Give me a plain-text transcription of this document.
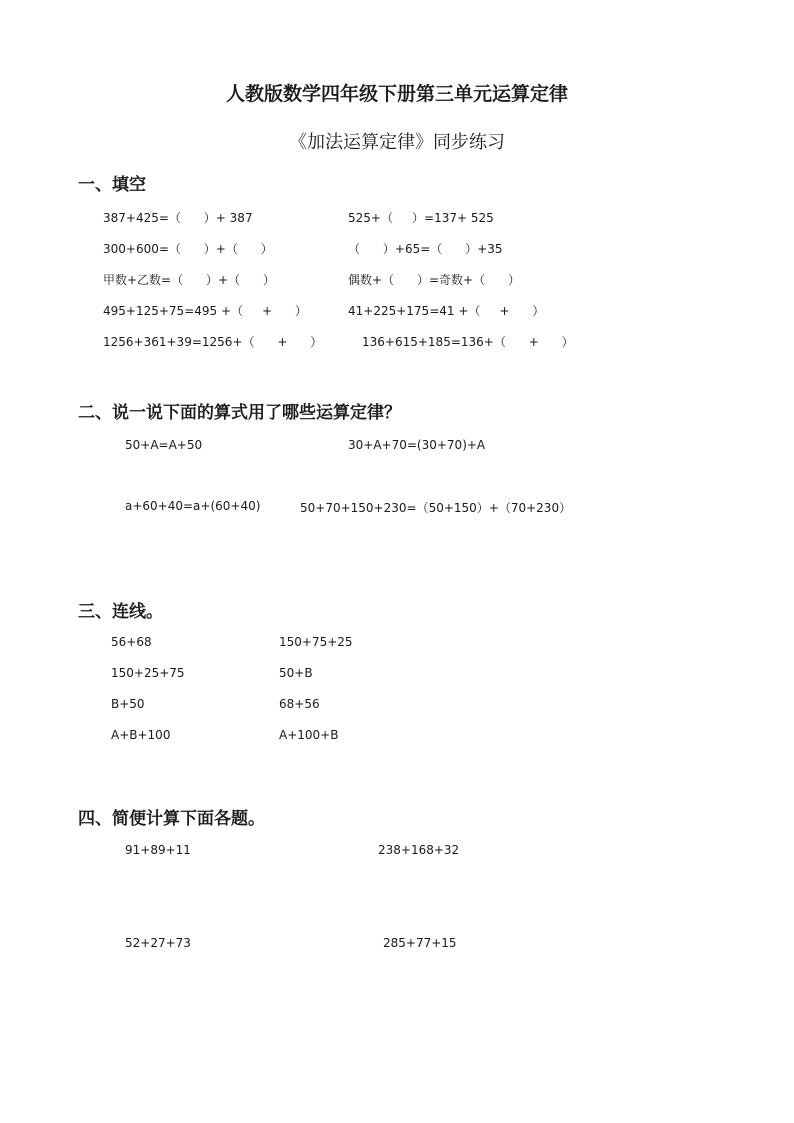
人教版数学四年级下册第三单元运算定律
《加法运算定律》同步练习
一、填空
387+425=（      ）+ 387	525+（     ）=137+ 525
300+600=（      ）+（      ）	（      ）+65=（      ）+35
甲数+乙数=（      ）+（      ）	偶数+（      ）=奇数+（      ）
495+125+75=495 +（     +      ）	41+225+175=41 +（     +      ）
1256+361+39=1256+（      +      ）	136+615+185=136+（      +      ）
二、说一说下面的算式用了哪些运算定律？
50+A=A+50	30+A+70=(30+70)+A
a+60+40=a+(60+40)	50+70+150+230=（50+150）+（70+230）
三、连线。
56+68	150+75+25
150+25+75	50+B
B+50	68+56
A+B+100	A+100+B
四、简便计算下面各题。
91+89+11	238+168+32
52+27+73	285+77+15
